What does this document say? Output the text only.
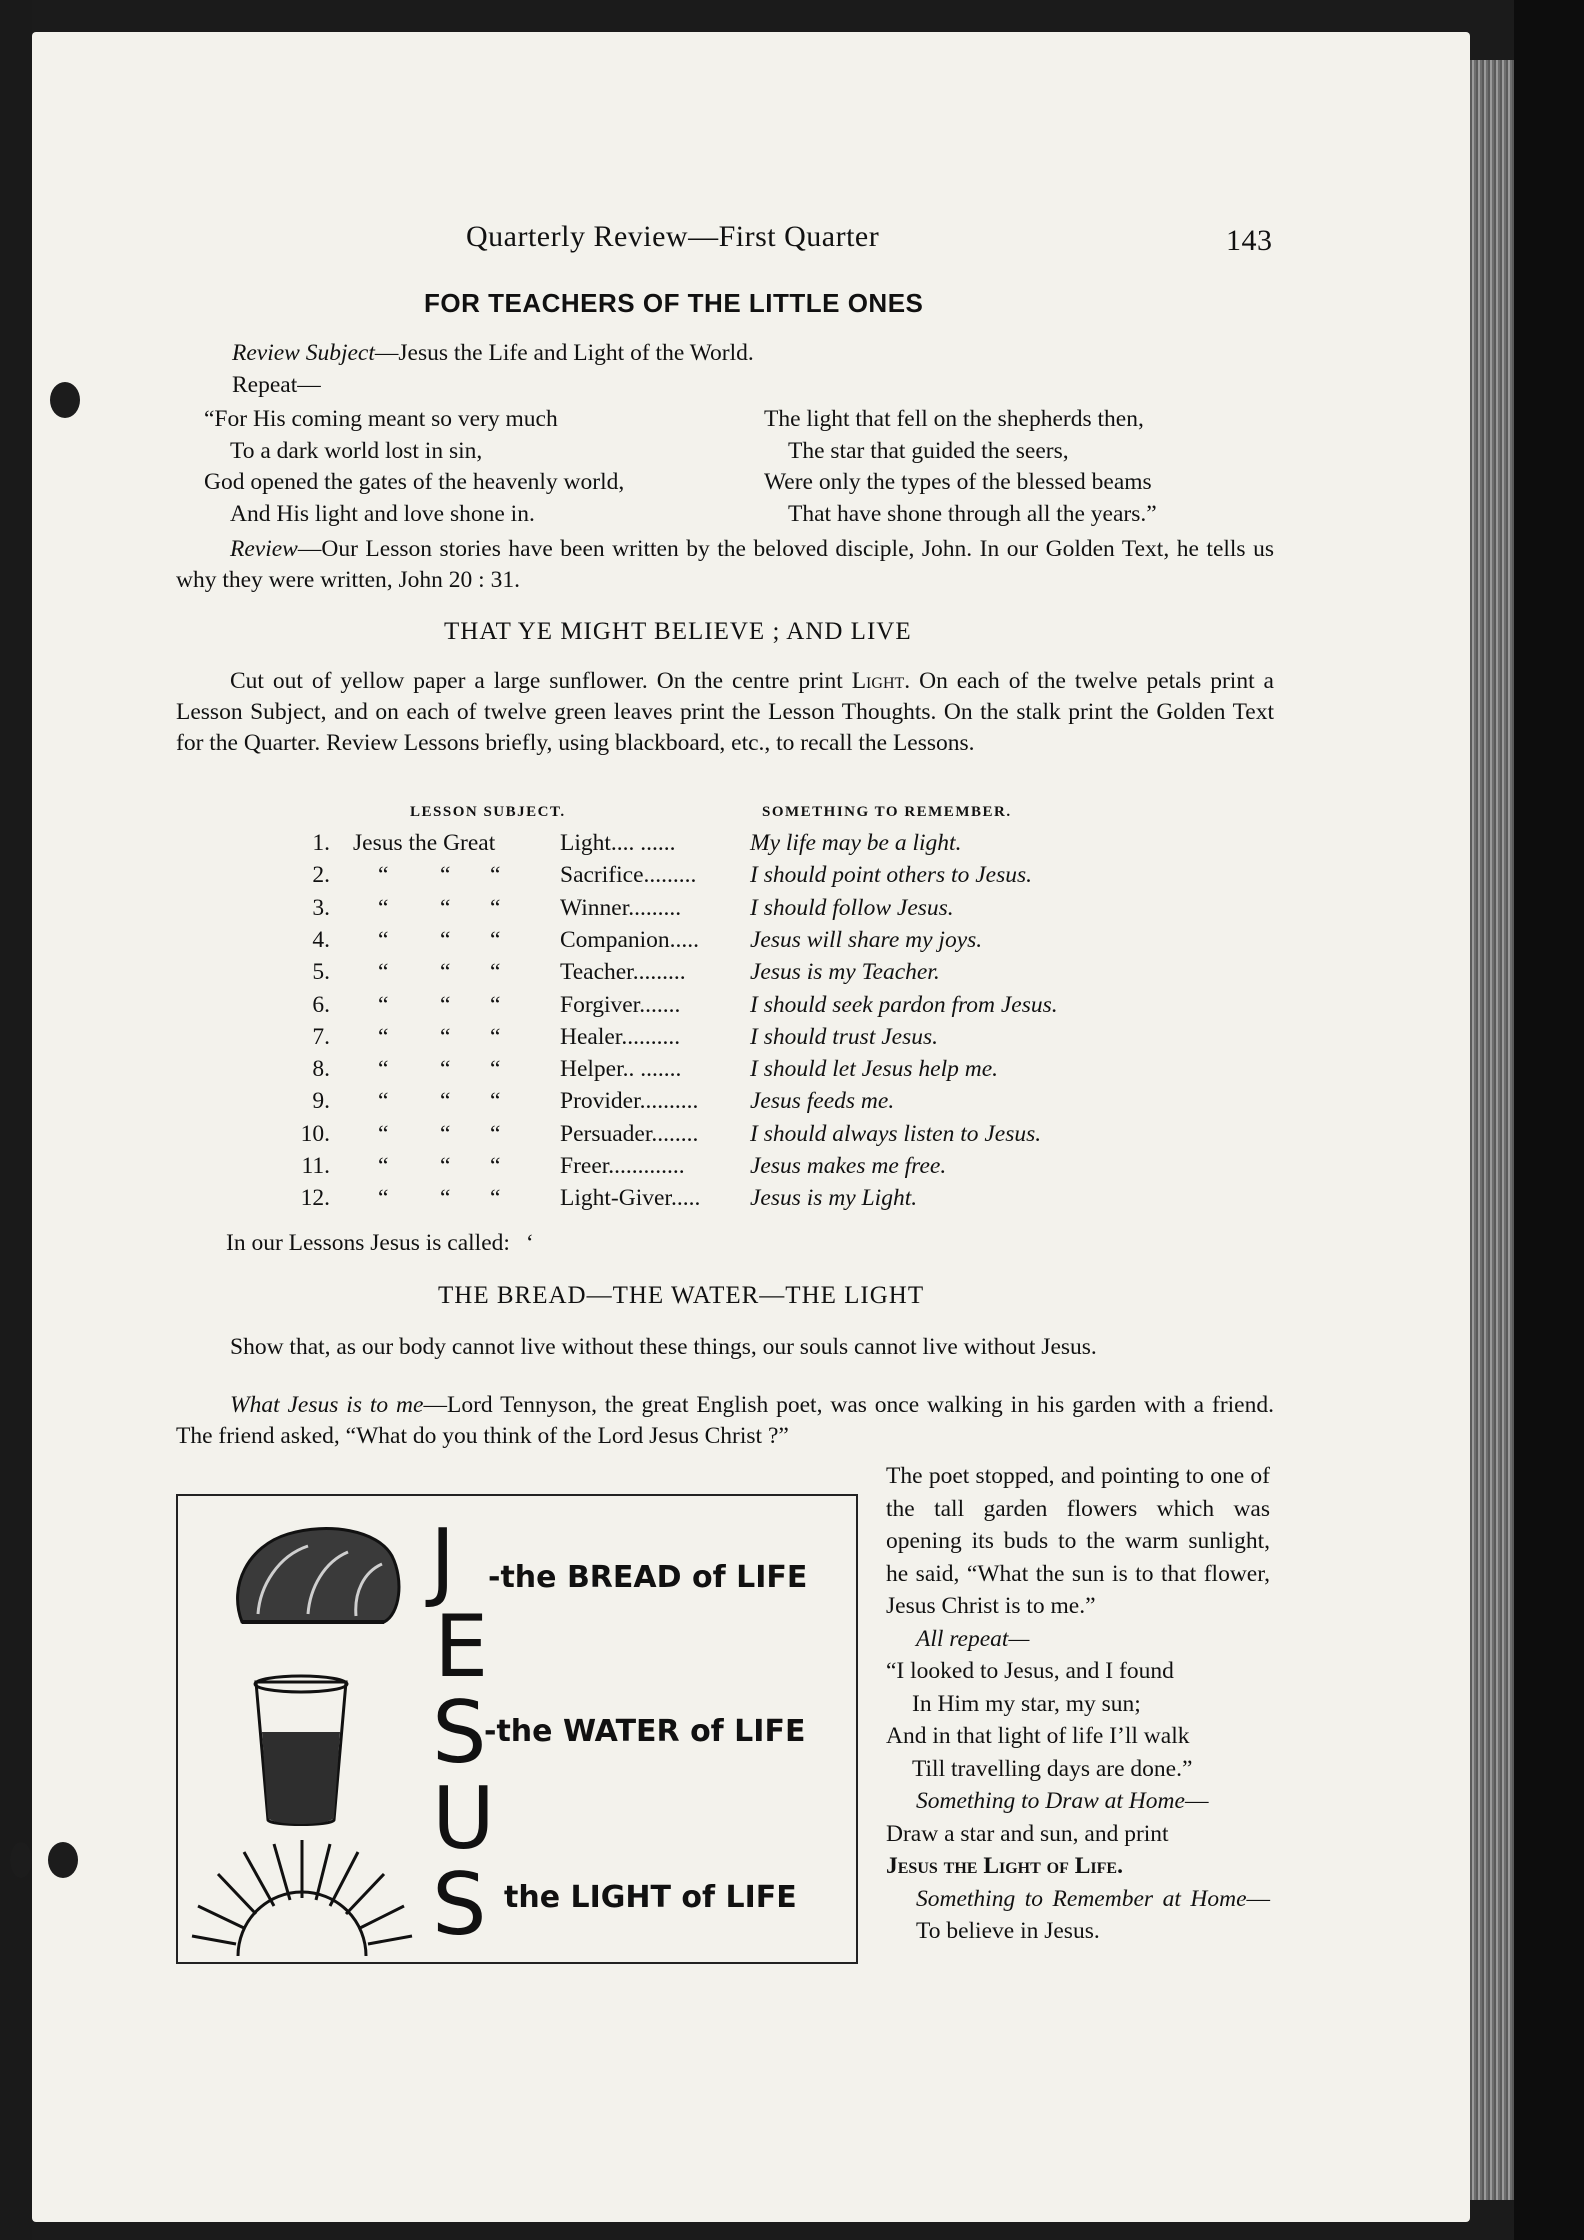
Quarterly Review—First Quarter	143
FOR TEACHERS OF THE LITTLE ONES
Review Subject—Jesus the Life and Light of the World.
Repeat—
“For His coming meant so very much
To a dark world lost in sin,
God opened the gates of the heavenly world,
And His light and love shone in.
The light that fell on the shepherds then,
The star that guided the seers,
Were only the types of the blessed beams
That have shone through all the years.”
Review—Our Lesson stories have been written by the beloved disciple, John. In our Golden Text, he tells us why they were written, John 20 : 31.
THAT YE MIGHT BELIEVE ; AND LIVE
Cut out of yellow paper a large sunflower. On the centre print Light. On each of the twelve petals print a Lesson Subject, and on each of twelve green leaves print the Lesson Thoughts. On the stalk print the Golden Text for the Quarter. Review Lessons briefly, using blackboard, etc., to recall the Lessons.
LESSON SUBJECT.	SOMETHING TO REMEMBER.
1. Jesus the Great	Light.... ......	My life may be a light.
2. “ “ “	Sacrifice......... I should point others to Jesus.
3. “ “ “	Winner.........	I should follow Jesus.
4. “ “ “	Companion..... Jesus will share my joys.
5. “ “ “	Teacher.........	Jesus is my Teacher.
6. “ “ “	Forgiver.......	I should seek pardon from Jesus.
7. “ “ “	Healer..........	I should trust Jesus.
8. “ “ “	Helper.. .......	I should let Jesus help me.
9. “ “ “	Provider.......... Jesus feeds me.
10. “ “ “	Persuader........ I should always listen to Jesus.
11. “ “ “	Freer.............	Jesus makes me free.
12. “ “ “	Light-Giver..... Jesus is my Light.
In our Lessons Jesus is called: ‘
THE BREAD—THE WATER—THE LIGHT
Show that, as our body cannot live without these things, our souls cannot live without Jesus.
What Jesus is to me—Lord Tennyson, the great English poet, was once walking in his garden with a friend. The friend asked, “What do you think of the Lord Jesus Christ ?”

The poet stopped, and pointing to one of the tall garden flowers which was opening its buds to the warm sunlight, he said, “What the sun is to that flower, Jesus Christ is to me.”

All repeat—

“I looked to Jesus, and I found

In Him my star, my sun;

And in that light of life I’ll walk

Till travelling days are done.”

Something to Draw at Home—

Draw a star and sun, and print

Jesus the Light of Life.

Something to Remember at Home—To believe in Jesus.

J
E
S
U
S
-the BREAD of LIFE
-the WATER of LIFE
the LIGHT of LIFE
